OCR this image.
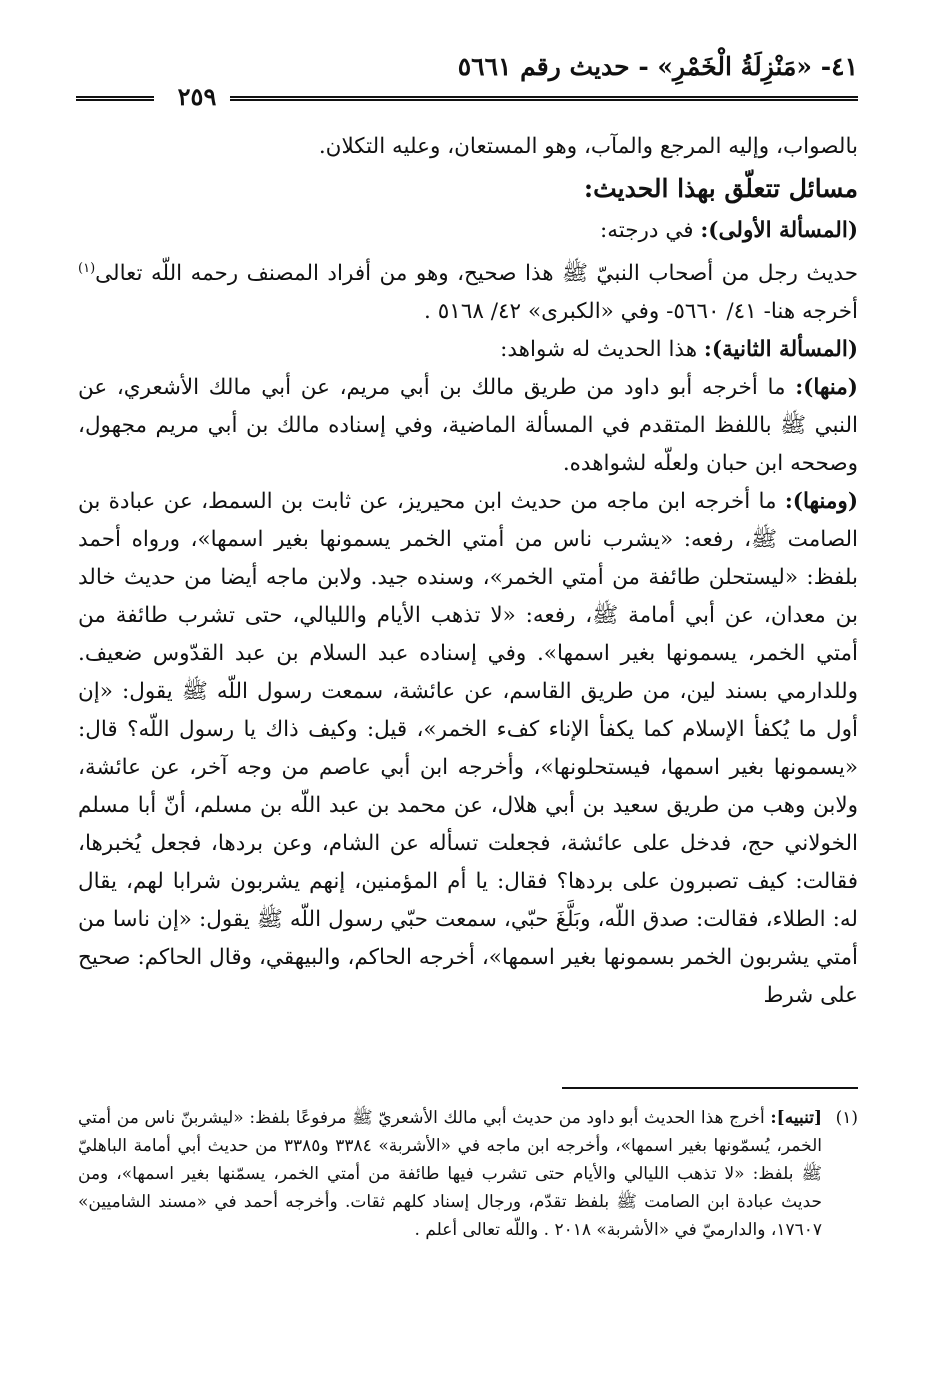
٤١- «مَنْزِلَةُ الْخَمْرِ» - حديث رقم ٥٦٦١
٢٥٩

بالصواب، وإليه المرجع والمآب، وهو المستعان، وعليه التكلان.

مسائل تتعلّق بهذا الحديث:

(المسألة الأولى): في درجته:

حديث رجل من أصحاب النبيّ ﷺ هذا صحيح، وهو من أفراد المصنف رحمه اللّه تعالى$^{(١)}$ أخرجه هنا- ٤١/ ٥٦٦٠- وفي «الكبرى» ٤٢/ ٥١٦٨ .

(المسألة الثانية): هذا الحديث له شواهد:

(منها): ما أخرجه أبو داود من طريق مالك بن أبي مريم، عن أبي مالك الأشعري، عن النبي ﷺ باللفظ المتقدم في المسألة الماضية، وفي إسناده مالك بن أبي مريم مجهول، وصححه ابن حبان ولعلّه لشواهده.

(ومنها): ما أخرجه ابن ماجه من حديث ابن محيريز، عن ثابت بن السمط، عن عبادة بن الصامت ﷺ، رفعه: «يشرب ناس من أمتي الخمر يسمونها بغير اسمها»، ورواه أحمد بلفظ: «ليستحلن طائفة من أمتي الخمر»، وسنده جيد. ولابن ماجه أيضا من حديث خالد بن معدان، عن أبي أمامة ﷺ، رفعه: «لا تذهب الأيام والليالي، حتى تشرب طائفة من أمتي الخمر، يسمونها بغير اسمها». وفي إسناده عبد السلام بن عبد القدّوس ضعيف. وللدارمي بسند لين، من طريق القاسم، عن عائشة، سمعت رسول اللّه ﷺ يقول: «إن أول ما يُكفأ الإسلام كما يكفأ الإناء كفء الخمر»، قيل: وكيف ذاك يا رسول اللّه؟ قال: «يسمونها بغير اسمها، فيستحلونها»، وأخرجه ابن أبي عاصم من وجه آخر، عن عائشة، ولابن وهب من طريق سعيد بن أبي هلال، عن محمد بن عبد اللّه بن مسلم، أنّ أبا مسلم الخولاني حج، فدخل على عائشة، فجعلت تسأله عن الشام، وعن بردها، فجعل يُخبرها، فقالت: كيف تصبرون على بردها؟ فقال: يا أم المؤمنين، إنهم يشربون شرابا لهم، يقال له: الطلاء، فقالت: صدق اللّه، وبَلَّغَ حبّي، سمعت حبّي رسول اللّه ﷺ يقول: «إن ناسا من أمتي يشربون الخمر بسمونها بغير اسمها»، أخرجه الحاكم، والبيهقي، وقال الحاكم: صحيح على شرط

(١)
[تنبيه]: أخرج هذا الحديث أبو داود من حديث أبي مالك الأشعريّ ﷺ مرفوعًا بلفظ: «ليشربنّ ناس من أمتي الخمر، يُسمّونها بغير اسمها»، وأخرجه ابن ماجه في «الأشربة» ٣٣٨٤ و٣٣٨٥ من حديث أبي أمامة الباهليّ ﷺ بلفظ: «لا تذهب الليالي والأيام حتى تشرب فيها طائفة من أمتي الخمر، يسمّنها بغير اسمها»، ومن حديث عبادة ابن الصامت ﷺ بلفظ تقدّم، ورجال إسناد كلهم ثقات. وأخرجه أحمد في «مسند الشاميين» ١٧٦٠٧، والدارميّ في «الأشربة» ٢٠١٨ . واللّه تعالى أعلم .
